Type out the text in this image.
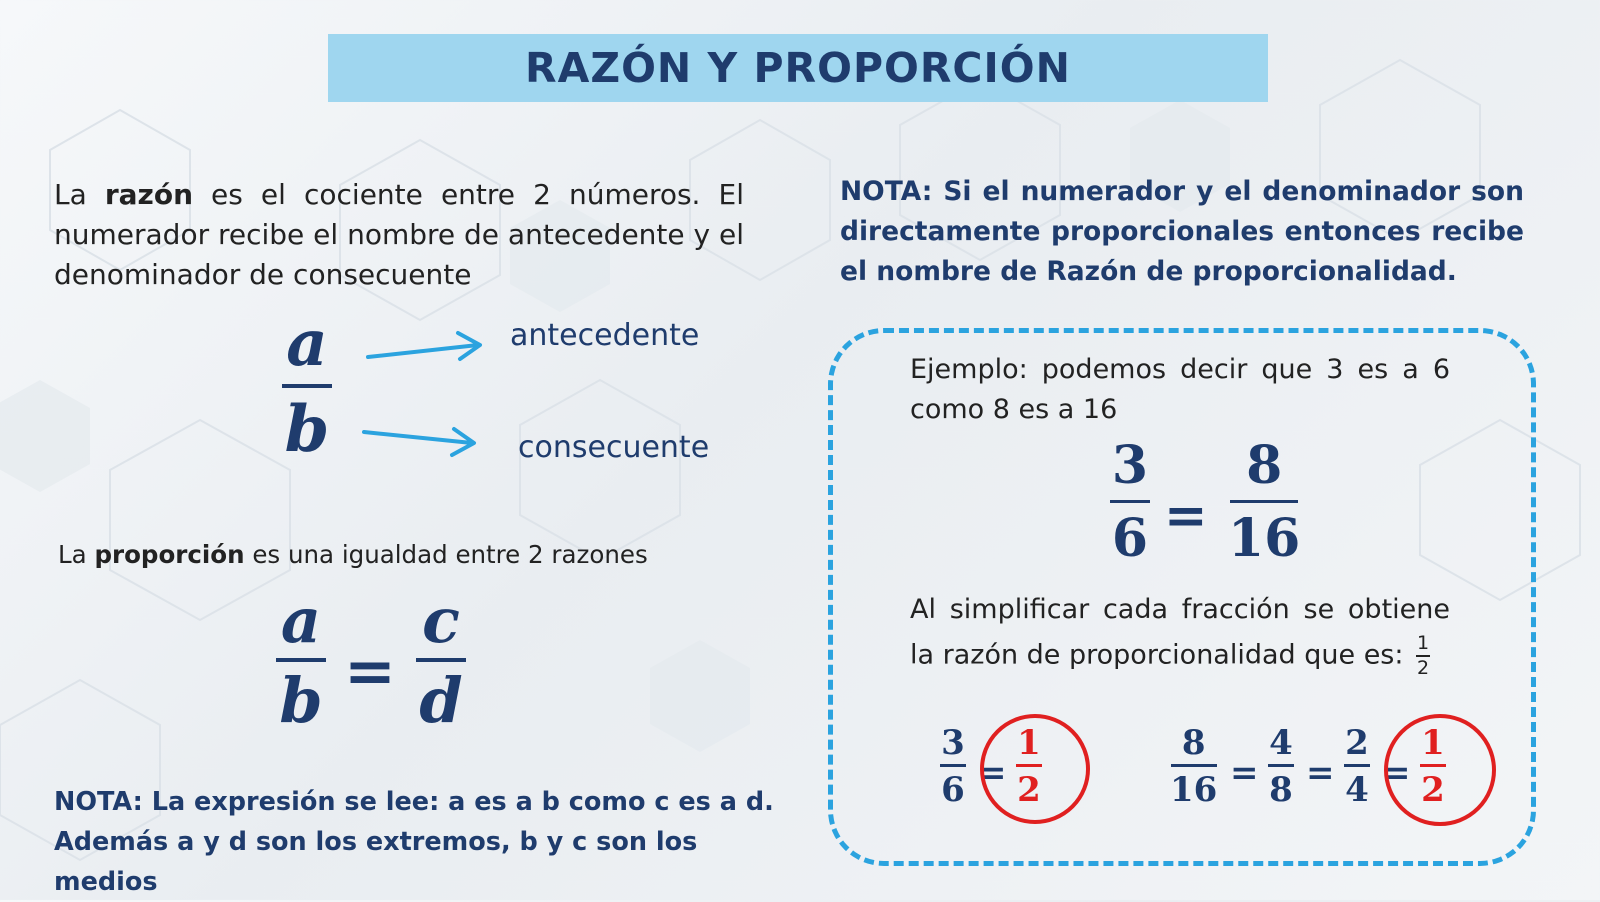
RAZÓN Y PROPORCIÓN
La razón es el cociente entre 2 números. El numerador recibe el nombre de antecedente y el denominador de consecuente
a
b
antecedente
consecuente
La proporción es una igualdad entre 2 razones
a
b =
c
d
NOTA: La expresión se lee: a es a b como c es a d.
Además a y d son los extremos, b y c son los medios
NOTA: Si el numerador y el denominador son directamente proporcionales entonces recibe el nombre de Razón de proporcionalidad.
Ejemplo: podemos decir que 3 es a 6 como 8 es a 16
3
6 =
8
16
Al simplificar cada fracción se obtiene
la razón de proporcionalidad que es: $\frac{1}{2}$
3
6 =
1
2
8
16 =
4
8 =
2
4 =
1
2
